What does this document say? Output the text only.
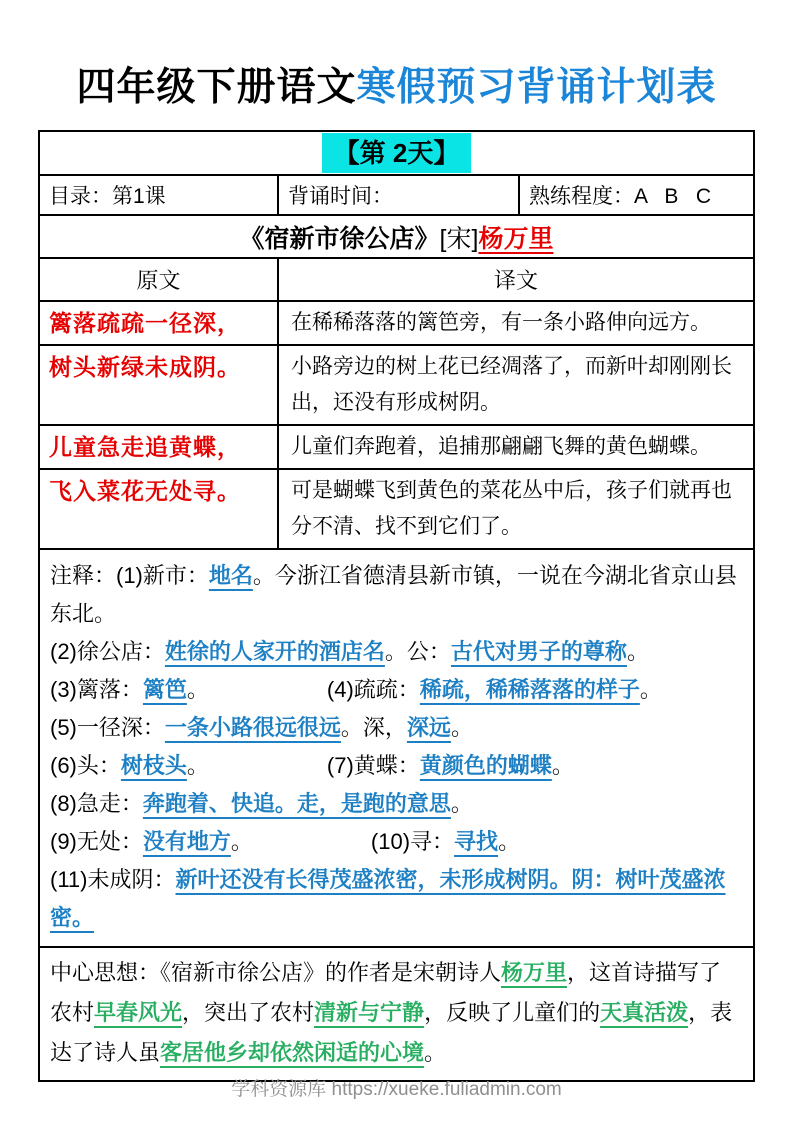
四年级下册语文寒假预习背诵计划表
【第 2天】
目录：第1课	背诵时间：	熟练程度：A   B   C
《宿新市徐公店》[宋]杨万里
原文	译文
篱落疏疏一径深，	在稀稀落落的篱笆旁，有一条小路伸向远方。
树头新绿未成阴。	小路旁边的树上花已经凋落了，而新叶却刚刚长出，还没有形成树阴。
儿童急走追黄蝶，	儿童们奔跑着，追捕那翩翩飞舞的黄色蝴蝶。
飞入菜花无处寻。	可是蝴蝶飞到黄色的菜花丛中后，孩子们就再也分不清、找不到它们了。

注释：(1)新市：地名。今浙江省德清县新市镇，一说在今湖北省京山县东北。

(2)徐公店：姓徐的人家开的酒店名。公：古代对男子的尊称。

(3)篱落：篱笆。	(4)疏疏：稀疏，稀稀落落的样子。

(5)一径深：一条小路很远很远。深，深远。

(6)头：树枝头。	(7)黄蝶：黄颜色的蝴蝶。

(8)急走：奔跑着、快追。走，是跑的意思。

(9)无处：没有地方。	(10)寻：寻找。

(11)未成阴：新叶还没有长得茂盛浓密，未形成树阴。阴：树叶茂盛浓密。

中心思想：《宿新市徐公店》的作者是宋朝诗人杨万里，这首诗描写了农村早春风光，突出了农村清新与宁静，反映了儿童们的天真活泼，表达了诗人虽客居他乡却依然闲适的心境。

学科资源库 https://xueke.fuliadmin.com
